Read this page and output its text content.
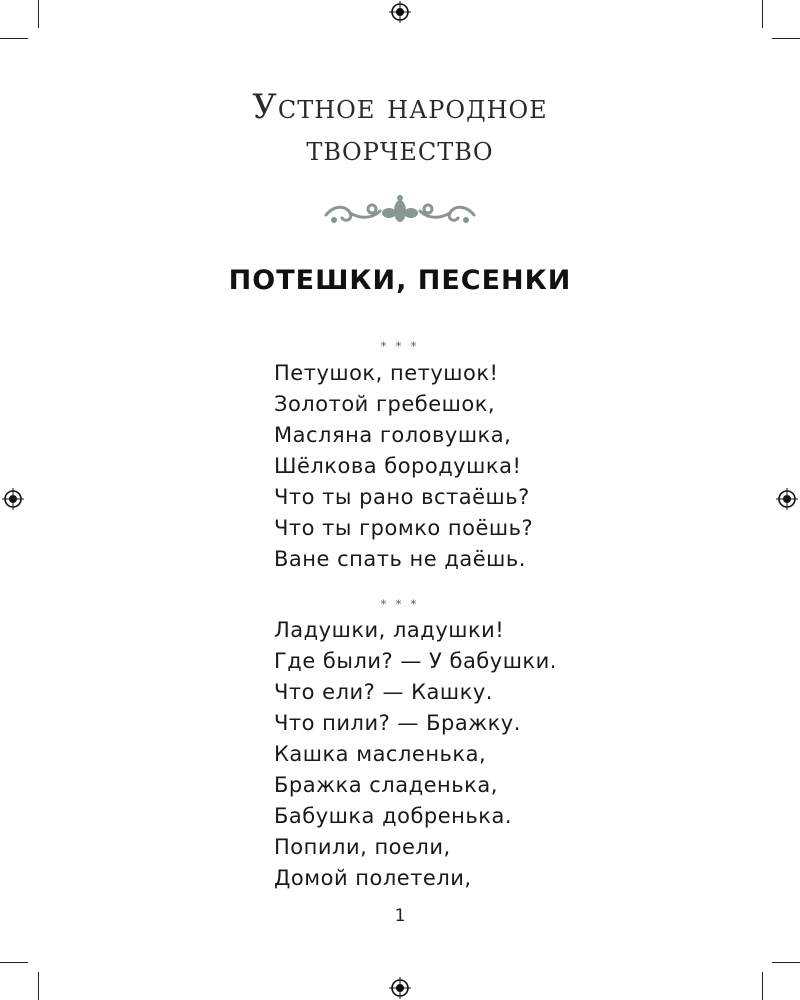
Устное народное
творчество
ПОТЕШКИ, ПЕСЕНКИ
* * *
Петушок, петушок!
Золотой гребешок,
Масляна головушка,
Шёлкова бородушка!
Что ты рано встаёшь?
Что ты громко поёшь?
Ване спать не даёшь.
* * *
Ладушки, ладушки!
Где были? — У бабушки.
Что ели? — Кашку.
Что пили? — Бражку.
Кашка масленька,
Бражка сладенька,
Бабушка добренька.
Попили, поели,
Домой полетели,
1
